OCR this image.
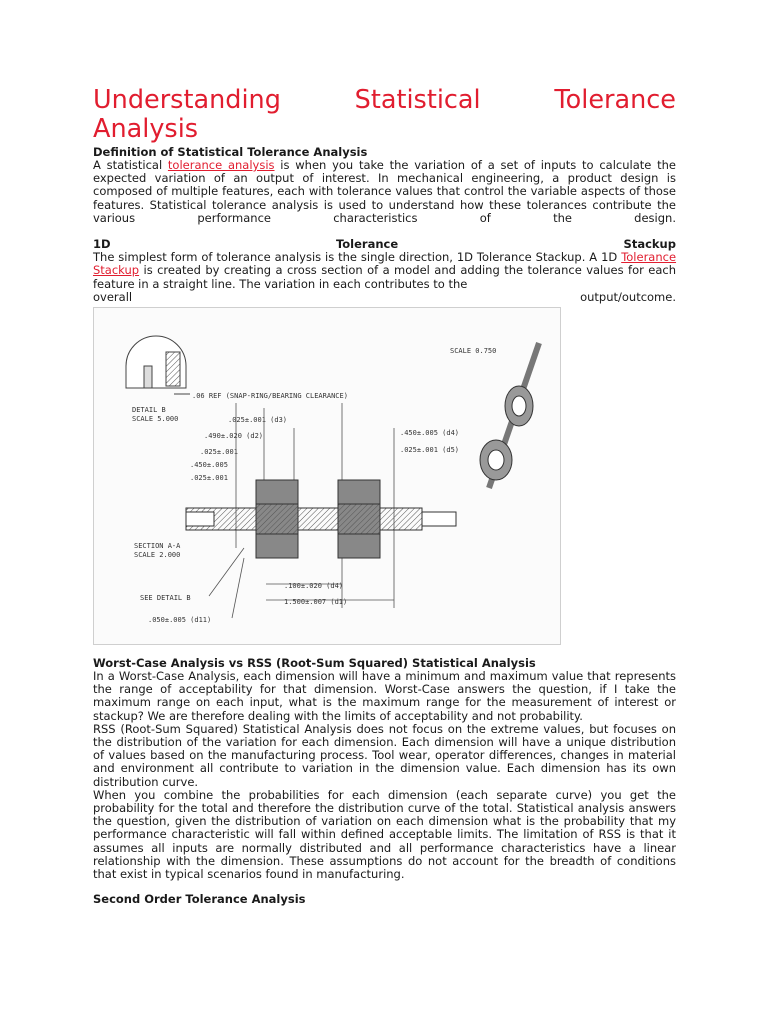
Understanding	Statistical	Tolerance
Analysis
Definition of Statistical Tolerance Analysis

A statistical tolerance analysis is when you take the variation of a set of inputs to calculate the expected variation of an output of interest. In mechanical engineering, a product design is composed of multiple features, each with tolerance values that control the variable aspects of those features. Statistical tolerance analysis is used to understand how these tolerances contribute the various performance characteristics of the design.

1D	Tolerance	Stackup

The simplest form of tolerance analysis is the single direction, 1D Tolerance Stackup. A 1D Tolerance Stackup is created by creating a cross section of a model and adding the tolerance values for each feature in a straight line. The variation in each contributes to the

overall	output/outcome.
.06 REF (SNAP-RING/BEARING CLEARANCE)
DETAIL B
SCALE 5.000
SCALE 0.750
.025±.001 (d3)
.490±.020 (d2)
.025±.001
.450±.005
.025±.001
.450±.005 (d4)
.025±.001 (d5)
SECTION A-A
SCALE 2.000
SEE DETAIL B
.100±.020 (d4)
1.500±.007 (d1)
.050±.005 (d11)
Worst-Case Analysis vs RSS (Root-Sum Squared) Statistical Analysis

In a Worst-Case Analysis, each dimension will have a minimum and maximum value that represents the range of acceptability for that dimension. Worst-Case answers the question, if I take the maximum range on each input, what is the maximum range for the measurement of interest or stackup? We are therefore dealing with the limits of acceptability and not probability.

RSS (Root-Sum Squared) Statistical Analysis does not focus on the extreme values, but focuses on the distribution of the variation for each dimension. Each dimension will have a unique distribution of values based on the manufacturing process. Tool wear, operator differences, changes in material and environment all contribute to variation in the dimension value. Each dimension has its own distribution curve.

When you combine the probabilities for each dimension (each separate curve) you get the probability for the total and therefore the distribution curve of the total. Statistical analysis answers the question, given the distribution of variation on each dimension what is the probability that my performance characteristic will fall within defined acceptable limits. The limitation of RSS is that it assumes all inputs are normally distributed and all performance characteristics have a linear relationship with the dimension. These assumptions do not account for the breadth of conditions that exist in typical scenarios found in manufacturing.

Second Order Tolerance Analysis
